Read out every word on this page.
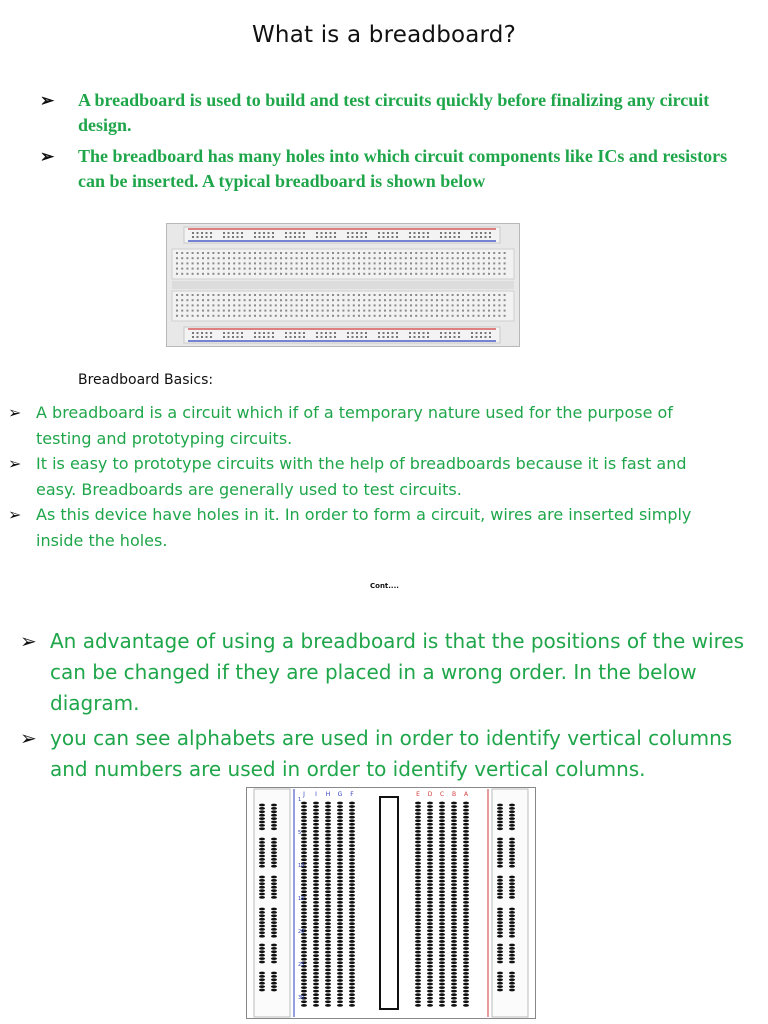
What is a breadboard?
➢ A breadboard is used to build and test circuits quickly before finalizing any circuit design.
➢ The breadboard has many holes into which circuit components like ICs and resistors can be inserted. A typical breadboard is shown below
Breadboard Basics:
➢ A breadboard is a circuit which if of a temporary nature used for the purpose of testing and prototyping circuits.
➢ It is easy to prototype circuits with the help of breadboards because it is fast and easy. Breadboards are generally used to test circuits.
➢ As this device have holes in it. In order to form a circuit, wires are inserted simply inside the holes.
Cont....
➢ An advantage of using a breadboard is that the positions of the wires can be changed if they are placed in a wrong order. In the below diagram.
➢ you can see alphabets are used in order to identify vertical columns and numbers are used in order to identify vertical columns.
J I H G F	E D C B A
1
5
10
15
20
25
30
